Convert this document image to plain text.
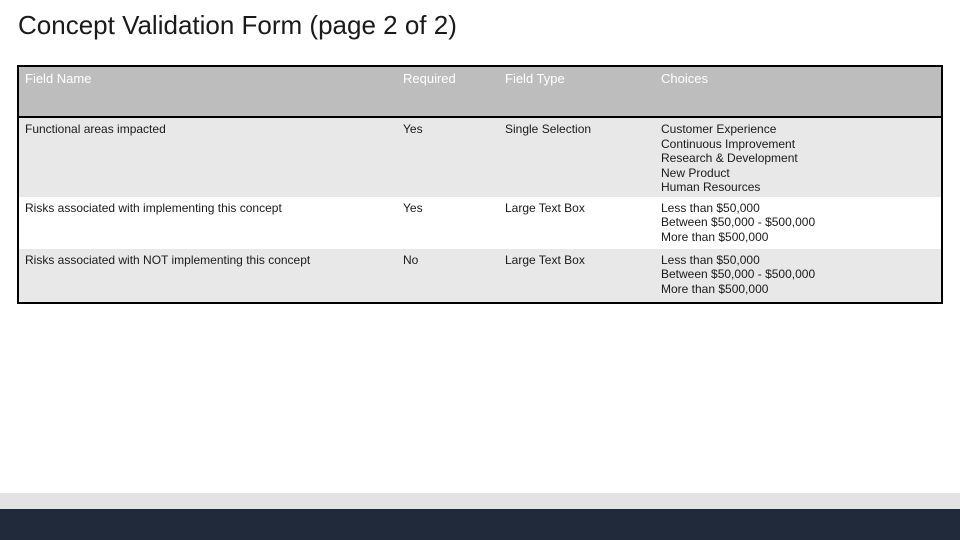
Concept Validation Form (page 2 of 2)
Field Name	Required	Field Type	Choices
Functional areas impacted	Yes	Single Selection	Customer Experience
Continuous Improvement
Research & Development
New Product
Human Resources

Risks associated with implementing this concept	Yes	Large Text Box	Less than $50,000
Between $50,000 - $500,000
More than $500,000

Risks associated with NOT implementing this concept	No	Large Text Box	Less than $50,000
Between $50,000 - $500,000
More than $500,000
